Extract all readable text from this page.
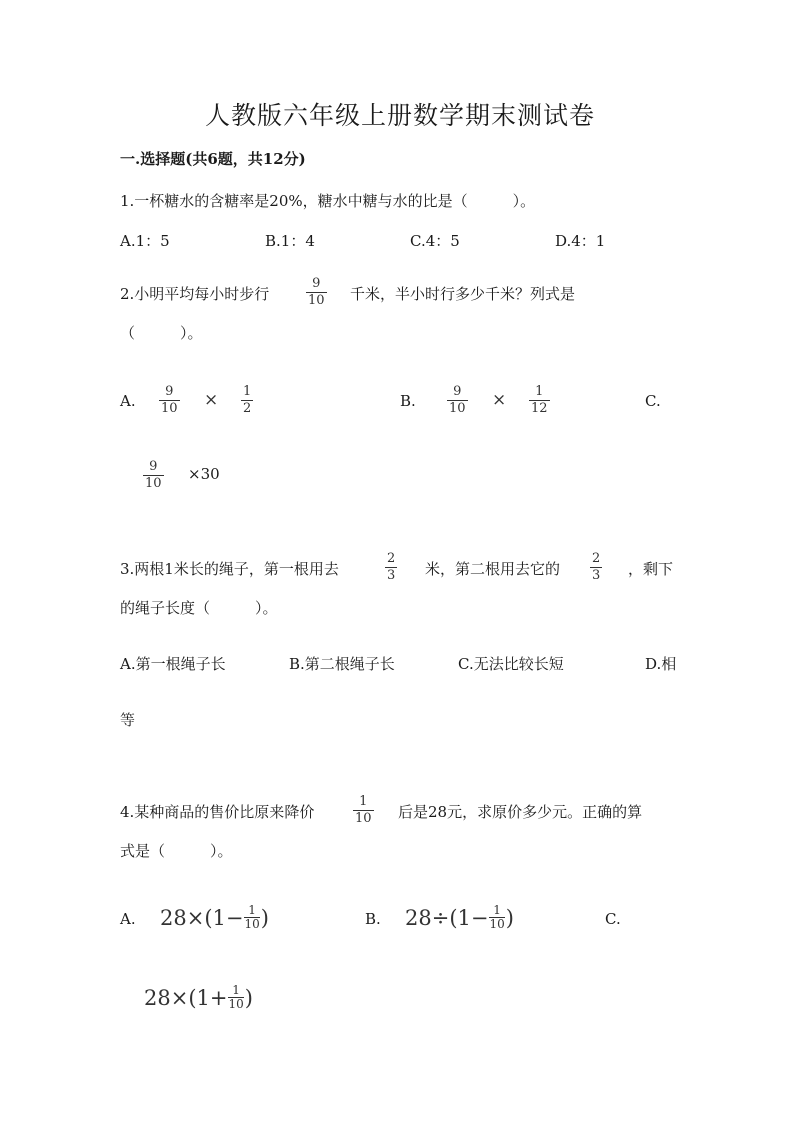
人教版六年级上册数学期末测试卷
一.选择题(共6题，共12分)
1.一杯糖水的含糖率是20%，糖水中糖与水的比是（　　　）。
A.1：5	B.1：4	C.4：5	D.4：1
2.小明平均每小时步行
9
10 千米，半小时行多少千米？列式是
（　　　）。
A.
9
10 × 1
2	B.
9
10 × 1
12	C.
9
10
×30
3.两根1米长的绳子，第一根用去
2
3 米，第二根用去它的
2
3 ，剩下
的绳子长度（　　　）。
A.第一根绳子长	B.第二根绳子长	C.无法比较长短	D.相
等
4.某种商品的售价比原来降价
1
10 后是28元，求原价多少元。正确的算
式是（　　　）。
A. 28×(1− 1
10 )	B. 28÷(1− 1
10 )	C.
28×(1+ 1
10 )
